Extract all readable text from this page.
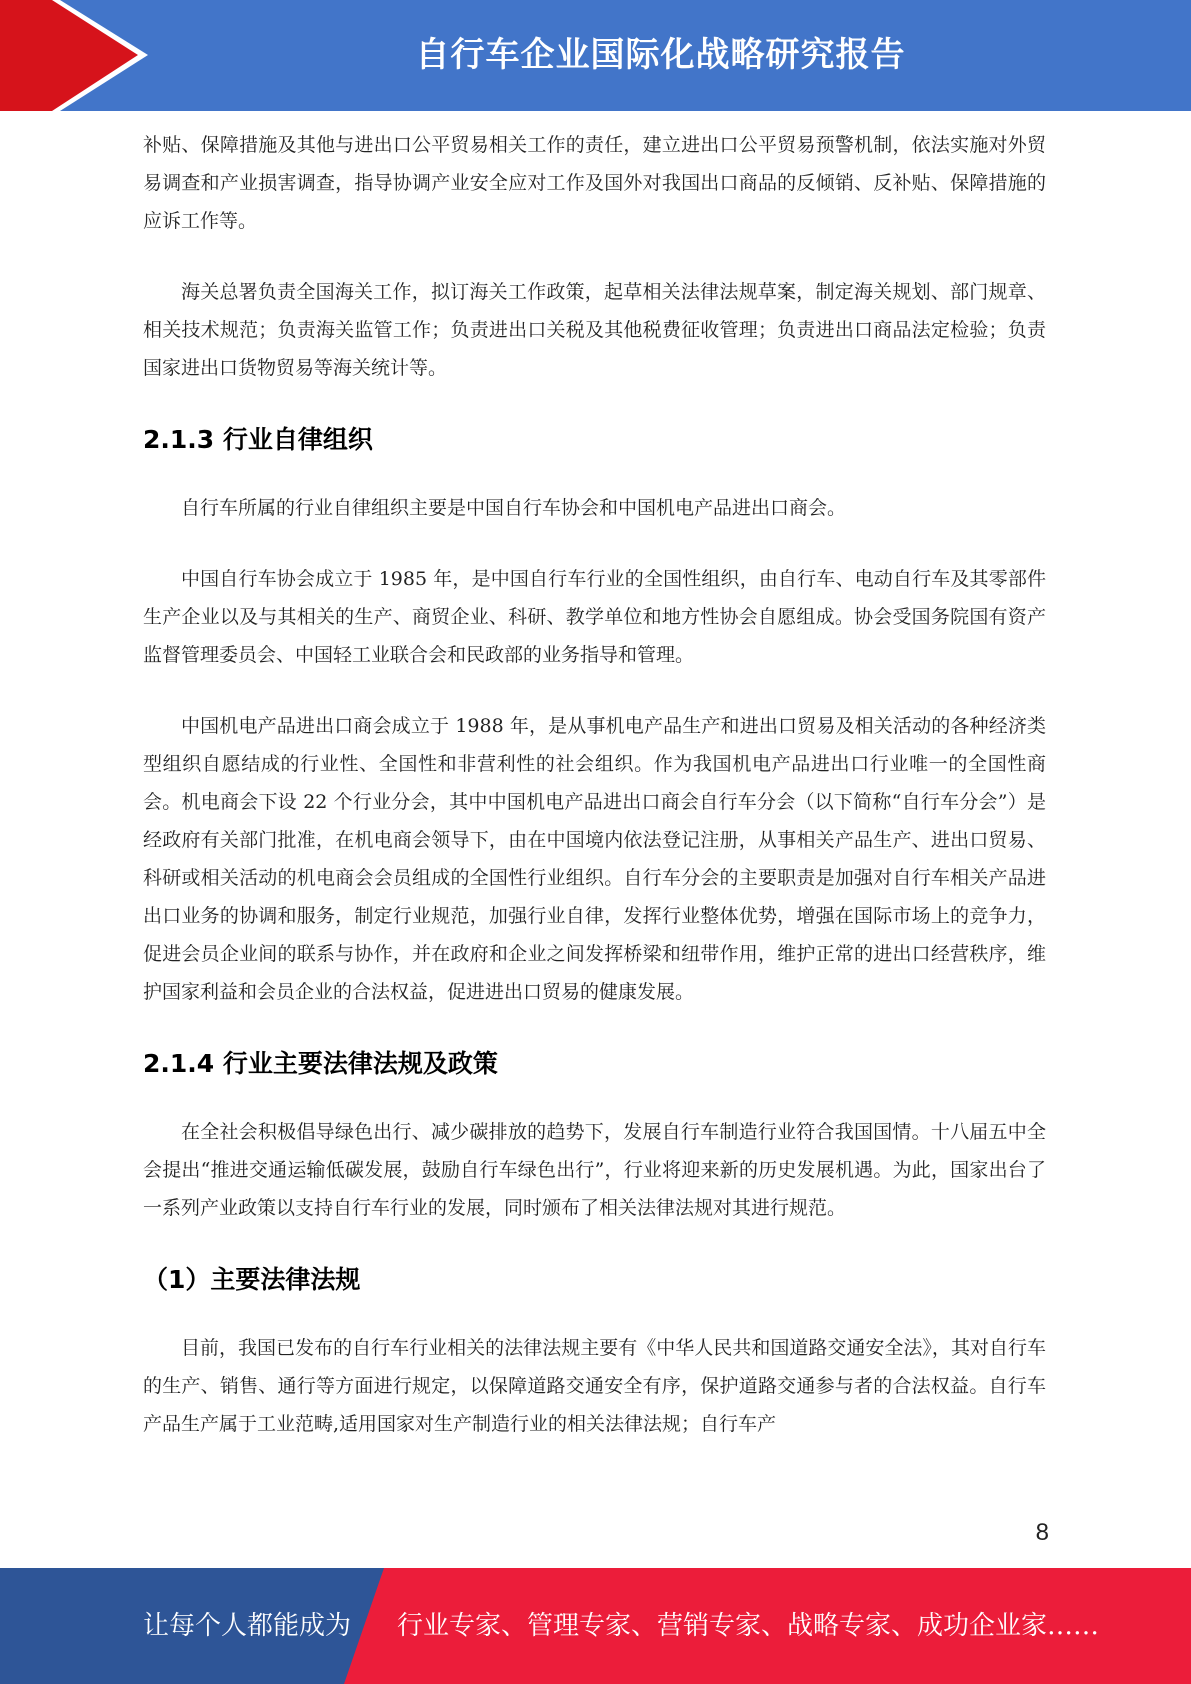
自行车企业国际化战略研究报告

补贴、保障措施及其他与进出口公平贸易相关工作的责任，建立进出口公平贸易预警机制，依法实施对外贸易调查和产业损害调查，指导协调产业安全应对工作及国外对我国出口商品的反倾销、反补贴、保障措施的应诉工作等。

海关总署负责全国海关工作，拟订海关工作政策，起草相关法律法规草案，制定海关规划、部门规章、相关技术规范；负责海关监管工作；负责进出口关税及其他税费征收管理；负责进出口商品法定检验；负责国家进出口货物贸易等海关统计等。

2.1.3 行业自律组织

自行车所属的行业自律组织主要是中国自行车协会和中国机电产品进出口商会。

中国自行车协会成立于 1985 年，是中国自行车行业的全国性组织，由自行车、电动自行车及其零部件生产企业以及与其相关的生产、商贸企业、科研、教学单位和地方性协会自愿组成。协会受国务院国有资产监督管理委员会、中国轻工业联合会和民政部的业务指导和管理。

中国机电产品进出口商会成立于 1988 年，是从事机电产品生产和进出口贸易及相关活动的各种经济类型组织自愿结成的行业性、全国性和非营利性的社会组织。作为我国机电产品进出口行业唯一的全国性商会。机电商会下设 22 个行业分会，其中中国机电产品进出口商会自行车分会（以下简称“自行车分会”）是经政府有关部门批准，在机电商会领导下，由在中国境内依法登记注册，从事相关产品生产、进出口贸易、科研或相关活动的机电商会会员组成的全国性行业组织。自行车分会的主要职责是加强对自行车相关产品进出口业务的协调和服务，制定行业规范，加强行业自律，发挥行业整体优势，增强在国际市场上的竞争力，促进会员企业间的联系与协作，并在政府和企业之间发挥桥梁和纽带作用，维护正常的进出口经营秩序，维护国家利益和会员企业的合法权益，促进进出口贸易的健康发展。

2.1.4 行业主要法律法规及政策

在全社会积极倡导绿色出行、减少碳排放的趋势下，发展自行车制造行业符合我国国情。十八届五中全会提出“推进交通运输低碳发展，鼓励自行车绿色出行”，行业将迎来新的历史发展机遇。为此，国家出台了一系列产业政策以支持自行车行业的发展，同时颁布了相关法律法规对其进行规范。

（1）主要法律法规

目前，我国已发布的自行车行业相关的法律法规主要有《中华人民共和国道路交通安全法》，其对自行车的生产、销售、通行等方面进行规定，以保障道路交通安全有序，保护道路交通参与者的合法权益。自行车产品生产属于工业范畴,适用国家对生产制造行业的相关法律法规；自行车产

8
让每个人都能成为 行业专家、管理专家、营销专家、战略专家、成功企业家……
